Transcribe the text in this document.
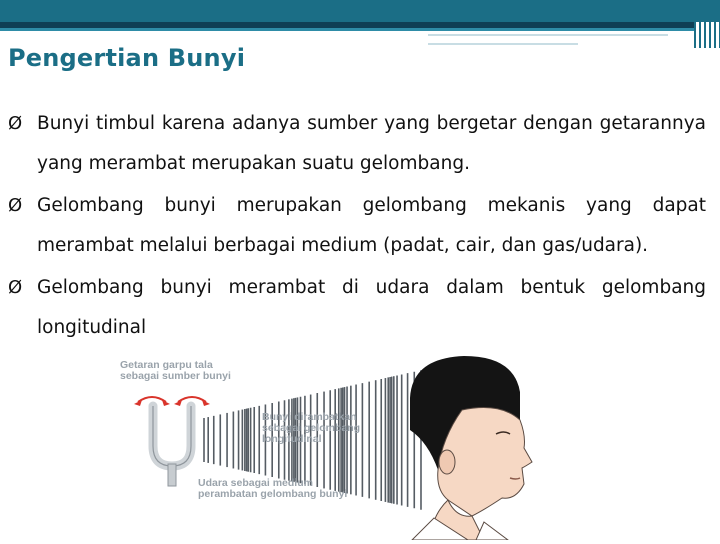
Pengertian Bunyi
Ø Bunyi timbul karena adanya sumber yang bergetar dengan getarannya yang merambat merupakan suatu gelombang.
Ø Gelombang bunyi merupakan gelombang mekanis yang dapat merambat melalui berbagai medium (padat, cair, dan gas/udara).
Ø Gelombang bunyi merambat di udara dalam bentuk gelombang longitudinal
Getaran garpu tala
sebagai sumber bunyi
Bunyi dirambatkan
sebagai gelombang
longitudinal
Udara sebagai medium
perambatan gelombang bunyi
